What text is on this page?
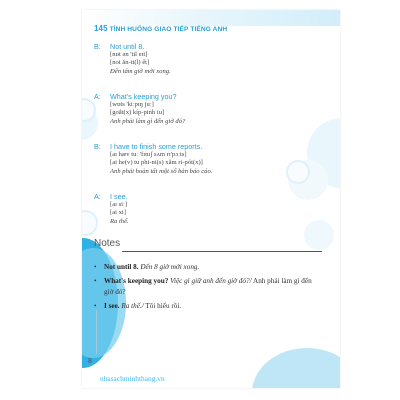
145 TÌNH HUỐNG GIAO TIẾP TIẾNG ANH
B: Not until 8.
[nɒt ən 'til eɪt]
[not ăn-ti(l) ết]
Đến tám giờ mới xong.
A: What's keeping you?
[wɒts 'kiːpɪŋ juː]
[goắt(x) kíp-pinh iu]
Anh phải làm gì đến giờ đó?
B: I have to finish some reports.
[aɪ hæv tuː 'fɪnɪʃ sʌm rɪ'pɔːts]
[ai he(v) tu phi-ni(s) xăm ri-pót(x)]
Anh phải hoàn tất một số bản báo cáo.
A: I see.
[aɪ siː]
[ai xi]
Ra thế.
Notes
• Not until 8. Đến 8 giờ mới xong.
• What's keeping you? Việc gì giữ anh đến giờ đó?/ Anh phải làm gì đến giờ đó?
• I see. Ra thế./ Tôi hiểu rồi.
8
nhasachminhthang.vn
